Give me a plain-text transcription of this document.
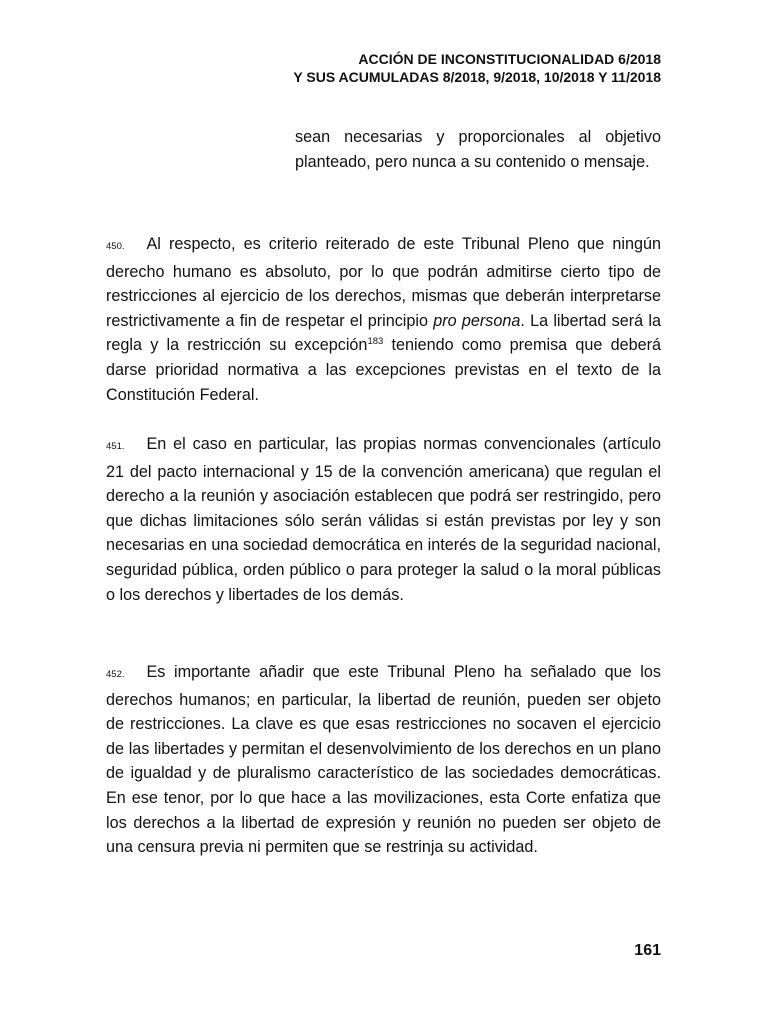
ACCIÓN DE INCONSTITUCIONALIDAD 6/2018
Y SUS ACUMULADAS 8/2018, 9/2018, 10/2018 Y 11/2018
sean necesarias y proporcionales al objetivo planteado, pero nunca a su contenido o mensaje.
450. Al respecto, es criterio reiterado de este Tribunal Pleno que ningún derecho humano es absoluto, por lo que podrán admitirse cierto tipo de restricciones al ejercicio de los derechos, mismas que deberán interpretarse restrictivamente a fin de respetar el principio pro persona. La libertad será la regla y la restricción su excepción$^{183}$ teniendo como premisa que deberá darse prioridad normativa a las excepciones previstas en el texto de la Constitución Federal.
451. En el caso en particular, las propias normas convencionales (artículo 21 del pacto internacional y 15 de la convención americana) que regulan el derecho a la reunión y asociación establecen que podrá ser restringido, pero que dichas limitaciones sólo serán válidas si están previstas por ley y son necesarias en una sociedad democrática en interés de la seguridad nacional, seguridad pública, orden público o para proteger la salud o la moral públicas o los derechos y libertades de los demás.
452. Es importante añadir que este Tribunal Pleno ha señalado que los derechos humanos; en particular, la libertad de reunión, pueden ser objeto de restricciones. La clave es que esas restricciones no socaven el ejercicio de las libertades y permitan el desenvolvimiento de los derechos en un plano de igualdad y de pluralismo característico de las sociedades democráticas. En ese tenor, por lo que hace a las movilizaciones, esta Corte enfatiza que los derechos a la libertad de expresión y reunión no pueden ser objeto de una censura previa ni permiten que se restrinja su actividad.
161
